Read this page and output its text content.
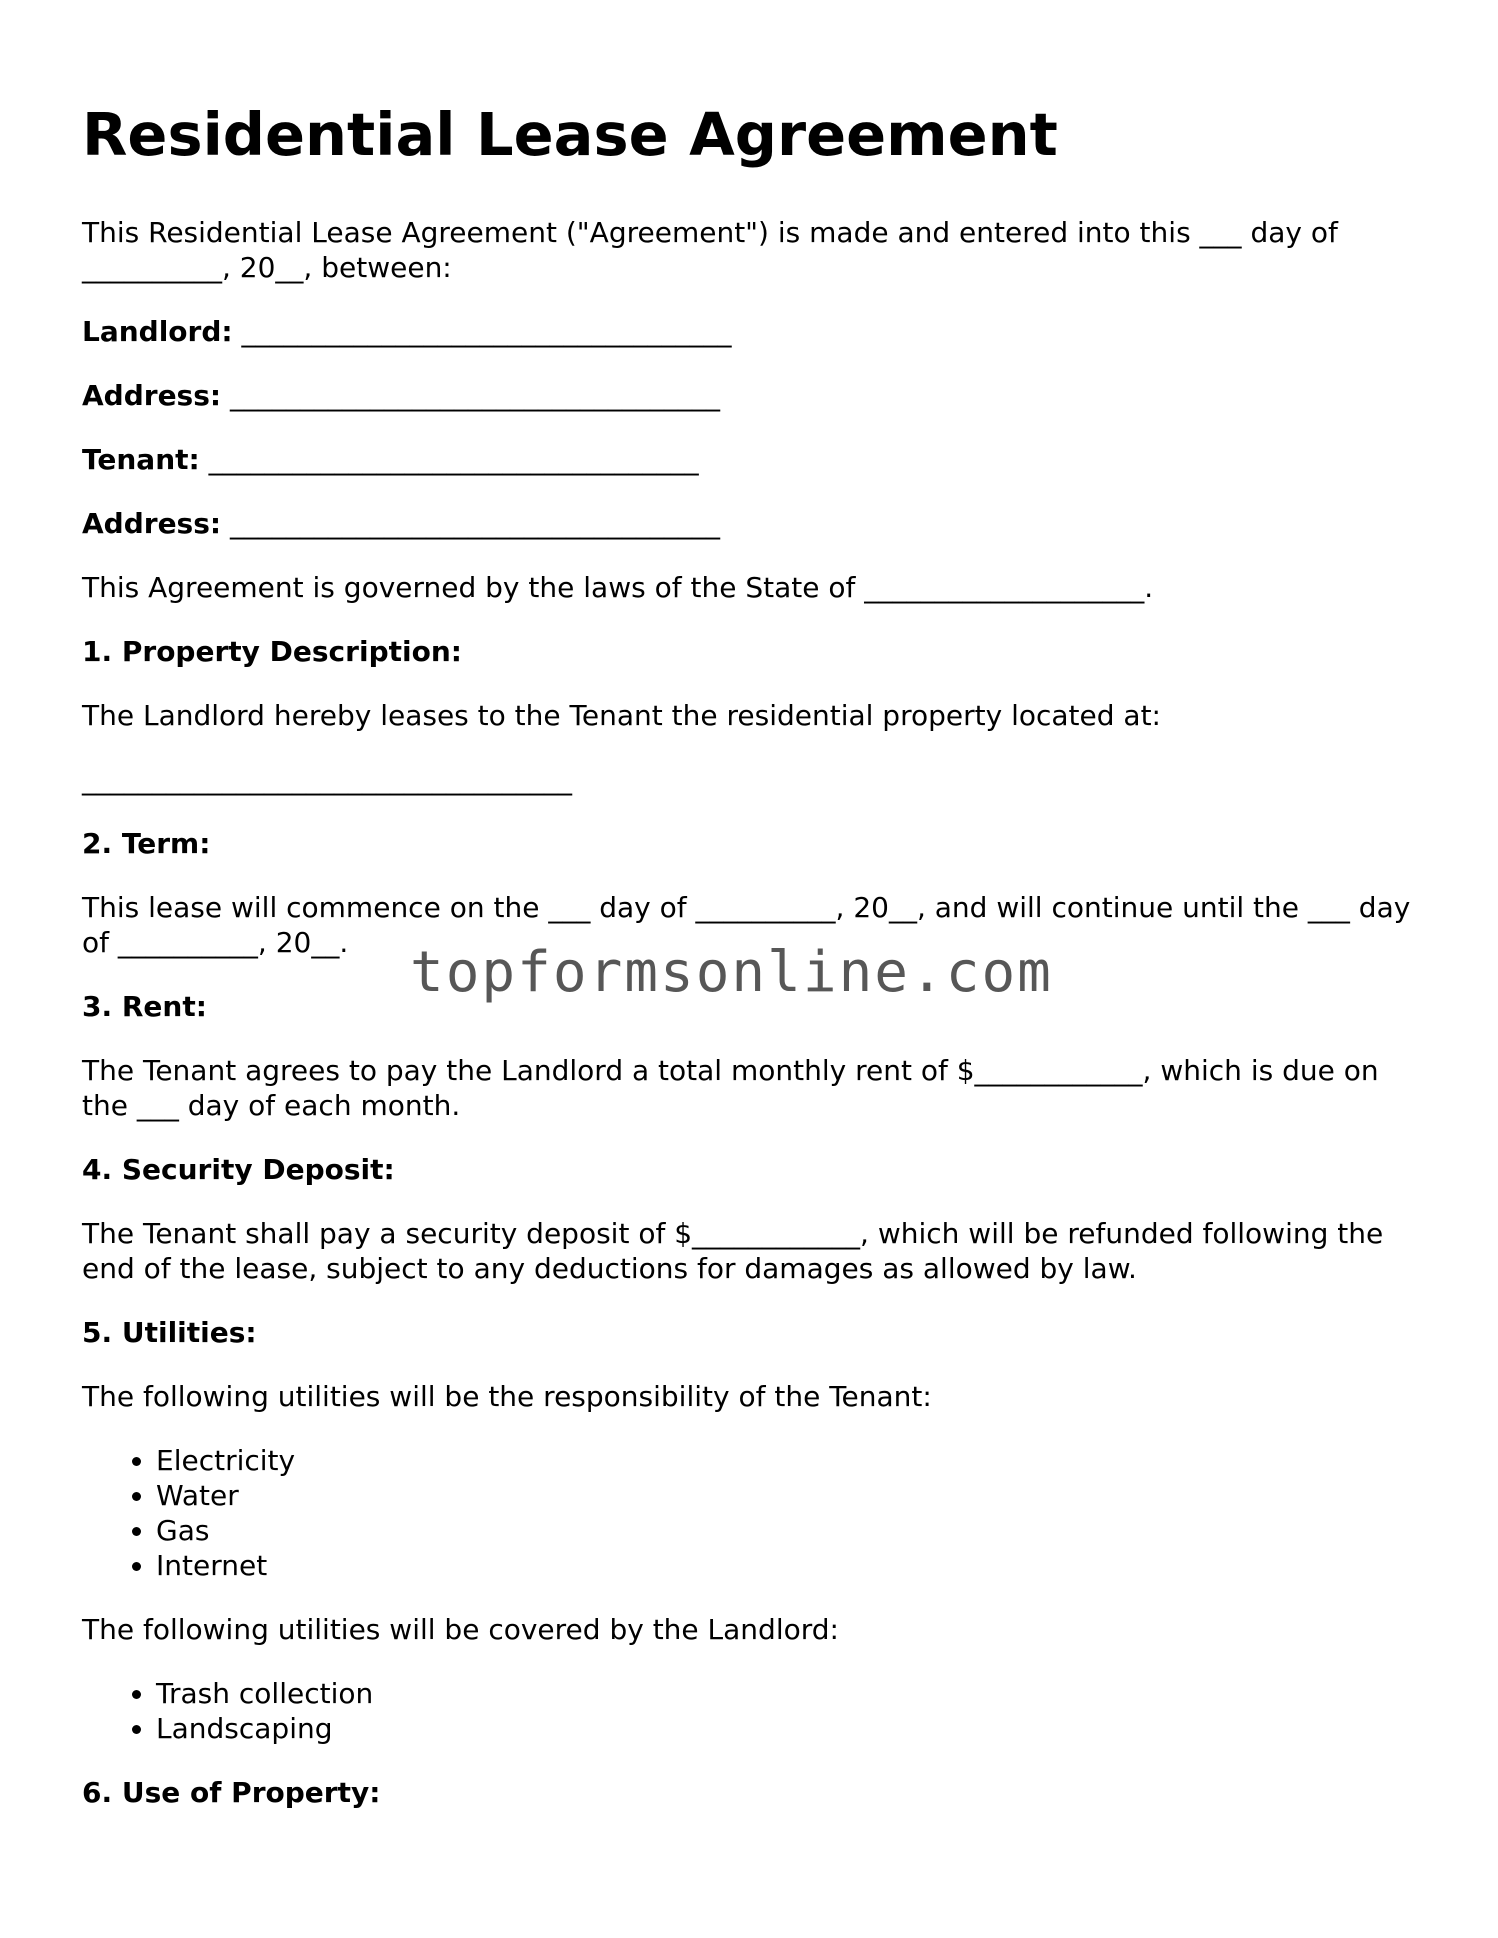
Residential Lease Agreement

This Residential Lease Agreement ("Agreement") is made and entered into this ___ day of __________, 20__, between:

Landlord: ___________________________________

Address: ___________________________________

Tenant: ___________________________________

Address: ___________________________________

This Agreement is governed by the laws of the State of ____________________.

1. Property Description:

The Landlord hereby leases to the Tenant the residential property located at:

___________________________________

2. Term:

This lease will commence on the ___ day of __________, 20__, and will continue until the ___ day of __________, 20__.

3. Rent:

The Tenant agrees to pay the Landlord a total monthly rent of $____________, which is due on the ___ day of each month.

4. Security Deposit:

The Tenant shall pay a security deposit of $____________, which will be refunded following the end of the lease, subject to any deductions for damages as allowed by law.

5. Utilities:

The following utilities will be the responsibility of the Tenant:

• Electricity
• Water
• Gas
• Internet

The following utilities will be covered by the Landlord:

• Trash collection
• Landscaping

6. Use of Property:

topformsonline.com
